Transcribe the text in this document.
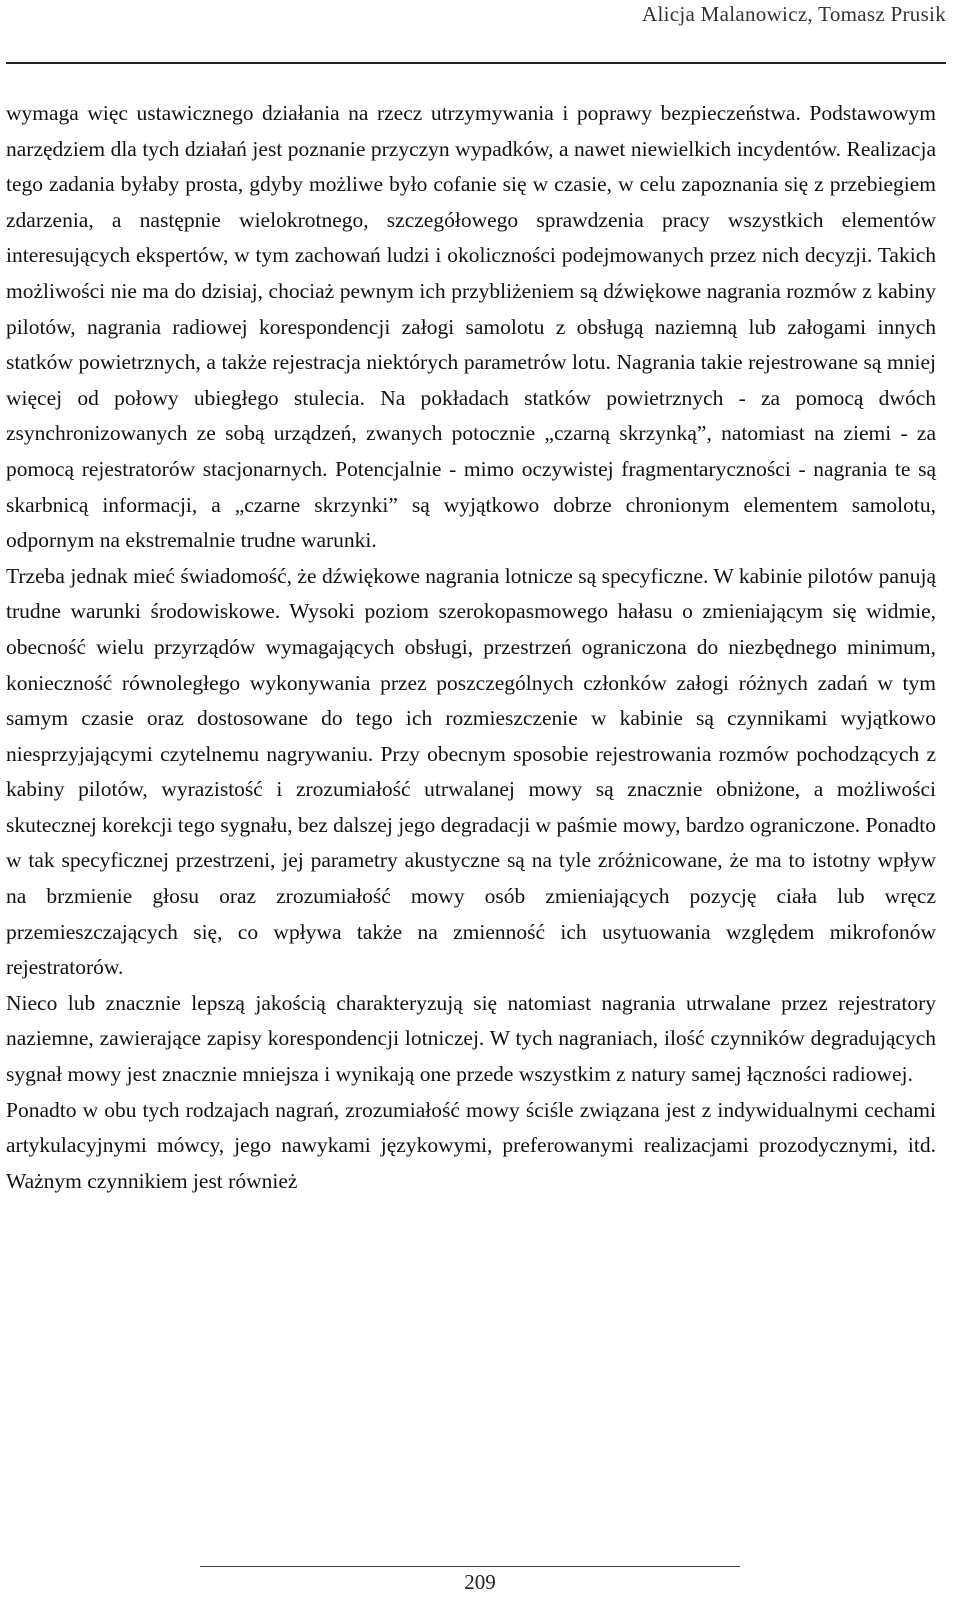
Alicja Malanowicz, Tomasz Prusik

wymaga więc ustawicznego działania na rzecz utrzymywania i poprawy bezpieczeństwa. Podstawowym narzędziem dla tych działań jest poznanie przyczyn wypadków, a nawet niewielkich incydentów. Realizacja tego zadania byłaby prosta, gdyby możliwe było cofanie się w czasie, w celu zapoznania się z przebiegiem zdarzenia, a następnie wielokrotnego, szczegółowego sprawdzenia pracy wszystkich elementów interesujących ekspertów, w tym zachowań ludzi i okoliczności podejmowanych przez nich decyzji. Takich możliwości nie ma do dzisiaj, chociaż pewnym ich przybliżeniem są dźwiękowe nagrania rozmów z kabiny pilotów, nagrania radiowej korespondencji załogi samolotu z obsługą naziemną lub załogami innych statków powietrznych, a także rejestracja niektórych parametrów lotu. Nagrania takie rejestrowane są mniej więcej od połowy ubiegłego stulecia. Na pokładach statków powietrznych - za pomocą dwóch zsynchronizowanych ze sobą urządzeń, zwanych potocznie „czarną skrzynką”, natomiast na ziemi - za pomocą rejestratorów stacjonarnych. Potencjalnie - mimo oczywistej fragmentaryczności - nagrania te są skarbnicą informacji, a „czarne skrzynki” są wyjątkowo dobrze chronionym elementem samolotu, odpornym na ekstremalnie trudne warunki.

Trzeba jednak mieć świadomość, że dźwiękowe nagrania lotnicze są specyficzne. W kabinie pilotów panują trudne warunki środowiskowe. Wysoki poziom szerokopasmowego hałasu o zmieniającym się widmie, obecność wielu przyrządów wymagających obsługi, przestrzeń ograniczona do niezbędnego minimum, konieczność równoległego wykonywania przez poszczególnych członków załogi różnych zadań w tym samym czasie oraz dostosowane do tego ich rozmieszczenie w kabinie są czynnikami wyjątkowo niesprzyjającymi czytelnemu nagrywaniu. Przy obecnym sposobie rejestrowania rozmów pochodzących z kabiny pilotów, wyrazistość i zrozumiałość utrwalanej mowy są znacznie obniżone, a możliwości skutecznej korekcji tego sygnału, bez dalszej jego degradacji w paśmie mowy, bardzo ograniczone. Ponadto w tak specyficznej przestrzeni, jej parametry akustyczne są na tyle zróżnicowane, że ma to istotny wpływ na brzmienie głosu oraz zrozumiałość mowy osób zmieniających pozycję ciała lub wręcz przemieszczających się, co wpływa także na zmienność ich usytuowania względem mikrofonów rejestratorów.

Nieco lub znacznie lepszą jakością charakteryzują się natomiast nagrania utrwalane przez rejestratory naziemne, zawierające zapisy korespondencji lotniczej. W tych nagraniach, ilość czynników degradujących sygnał mowy jest znacznie mniejsza i wynikają one przede wszystkim z natury samej łączności radiowej.

Ponadto w obu tych rodzajach nagrań, zrozumiałość mowy ściśle związana jest z indywidualnymi cechami artykulacyjnymi mówcy, jego nawykami językowymi, preferowanymi realizacjami prozodycznymi, itd. Ważnym czynnikiem jest również

209
